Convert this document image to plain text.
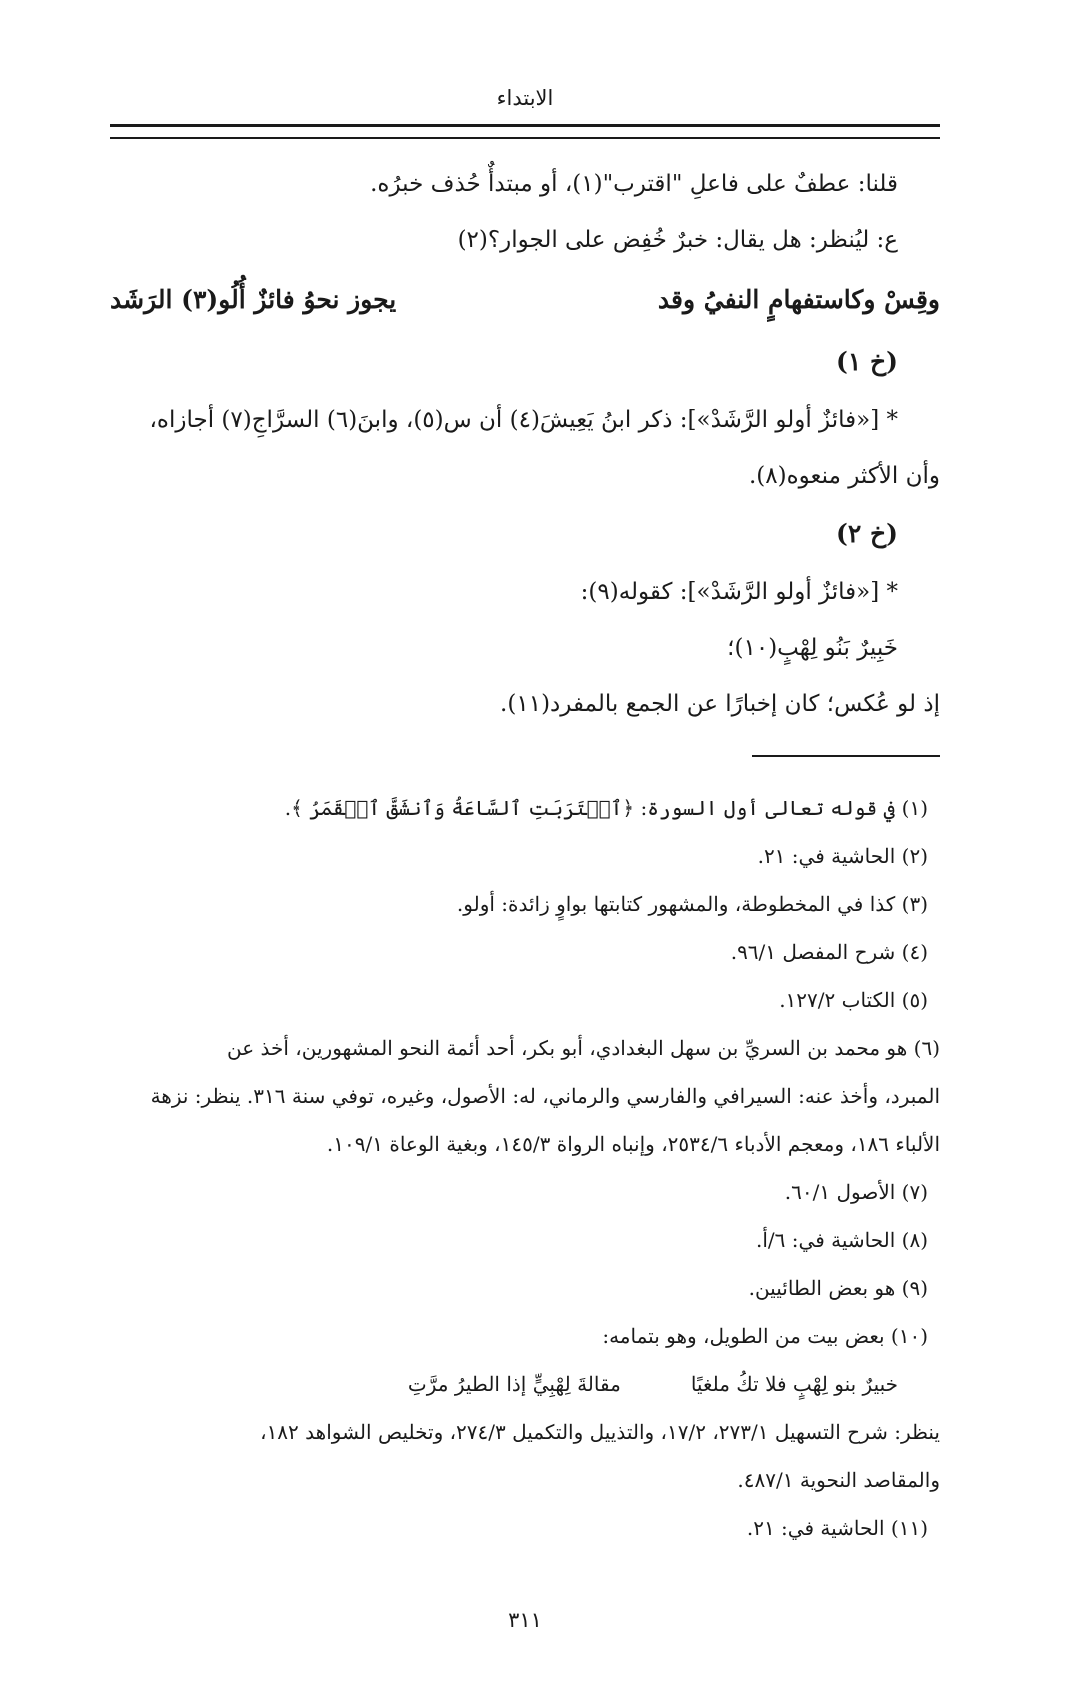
الابتداء
قلنا: عطفٌ على فاعلِ "اقترب"(١)، أو مبتدأٌ حُذف خبرُه.
ع: ليُنظر: هل يقال: خبرٌ خُفِض على الجوار؟(٢)
وقِسْ وكاستفهامٍ النفيُ وقد
يجوز نحوُ فائزٌ أُلُو(٣) الرَشَد
(خ ١)
* [«فائزٌ أولو الرَّشَدْ»]: ذكر ابنُ يَعِيشَ(٤) أن س(٥)، وابنَ(٦) السرَّاجِ(٧) أجازاه،
وأن الأكثر منعوه(٨).
(خ ٢)
* [«فائزٌ أولو الرَّشَدْ»]: كقوله(٩):
خَبِيرٌ بَنُو لِهْبٍ(١٠)؛
إذ لو عُكس؛ كان إخبارًا عن الجمع بالمفرد(١١).
(١) في قوله تعالى أول السورة: ﴿ٱقۡتَرَبَتِ ٱلسَّاعَةُ وَٱنشَقَّ ٱلۡقَمَرُ ﴾.
(٢) الحاشية في: ٢١.
(٣) كذا في المخطوطة، والمشهور كتابتها بواوٍ زائدة: أولو.
(٤) شرح المفصل ٩٦/١.
(٥) الكتاب ١٢٧/٢.
(٦) هو محمد بن السريِّ بن سهل البغدادي، أبو بكر، أحد أئمة النحو المشهورين، أخذ عن
المبرد، وأخذ عنه: السيرافي والفارسي والرماني، له: الأصول، وغيره، توفي سنة ٣١٦. ينظر: نزهة
الألباء ١٨٦، ومعجم الأدباء ٢٥٣٤/٦، وإنباه الرواة ١٤٥/٣، وبغية الوعاة ١٠٩/١.
(٧) الأصول ٦٠/١.
(٨) الحاشية في: ٦/أ.
(٩) هو بعض الطائيين.
(١٠) بعض بيت من الطويل، وهو بتمامه:
خبيرٌ بنو لِهْبٍ فلا تكُ ملغيًا
مقالةَ لِهْبِيٍّ إذا الطيرُ مرَّتِ
ينظر: شرح التسهيل ٢٧٣/١، ١٧/٢، والتذييل والتكميل ٢٧٤/٣، وتخليص الشواهد ١٨٢،
والمقاصد النحوية ٤٨٧/١.
(١١) الحاشية في: ٢١.
٣١١
